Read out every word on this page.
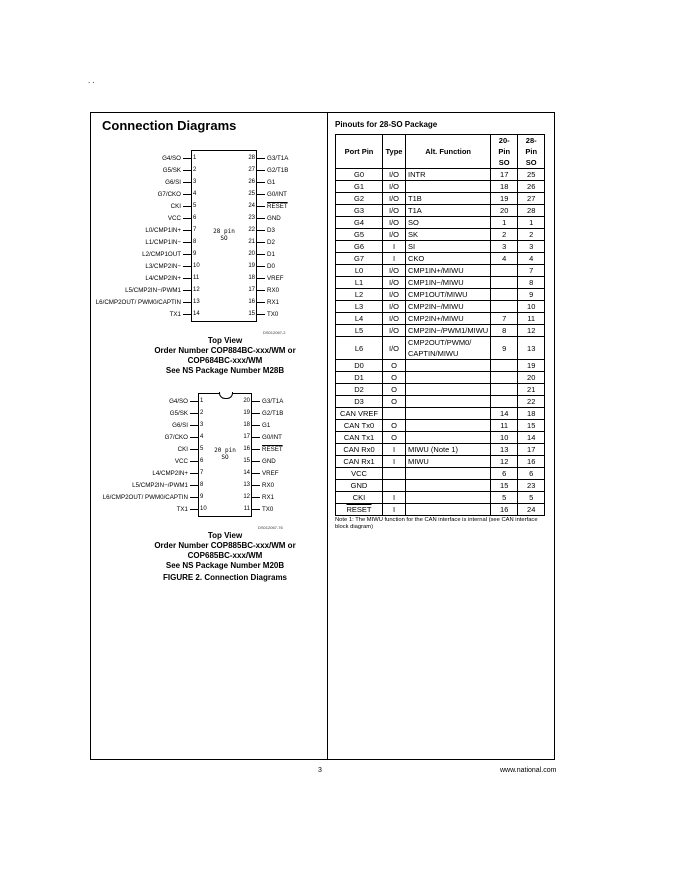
. .
Connection Diagrams	Pinouts for 28-SO Package
28 pin
SO
1
G4/SO	28 G3/T1A
2
G5/SK	27 G2/T1B
3
G6/SI	26 G1
4
G7/CKO	25 G0/INT
5
CKI	24 RESET
6
VCC	23 GND
7
L0/CMP1IN+	22 D3
8
L1/CMP1IN−	21 D2
9
L2/CMP1OUT	20 D1
10
L3/CMP2IN−	19 D0
11
L4/CMP2IN+	18 VREF
12
L5/CMP2IN−/PWM1	17 RX0
13
L6/CMP2OUT/ PWM0/CAPTIN	16 RX1
14
TX1	15 TX0
DS012067-2
Top View
Order Number COP884BC-xxx/WM or
COP684BC-xxx/WM
See NS Package Number M28B
20 pin
SO
1
G4/SO	20 G3/T1A
2
G5/SK	19 G2/T1B
3
G6/SI	18 G1
4
G7/CKO	17 G0/INT
5
CKI	16 RESET
6
VCC	15 GND
7
L4/CMP2IN+	14 VREF
8
L5/CMP2IN−/PWM1	13 RX0
9
L6/CMP2OUT/ PWM0/CAPTIN	12 RX1
10
TX1	11 TX0
DS012067-76
Top View
Order Number COP885BC-xxx/WM or
COP685BC-xxx/WM
See NS Package Number M20B
FIGURE 2. Connection Diagrams
Port Pin	Type	Alt. Function	20-Pin SO	28-Pin SO
G0	I/O	INTR	17	25
G1	I/O		18	26
G2	I/O	T1B	19	27
G3	I/O	T1A	20	28
G4	I/O	SO	1	1
G5	I/O	SK	2	2
G6	I	SI	3	3
G7	I	CKO	4	4
L0	I/O	CMP1IN+/MIWU		7
L1	I/O	CMP1IN−/MIWU		8
L2	I/O	CMP1OUT/MIWU		9
L3	I/O	CMP2IN−/MIWU		10
L4	I/O	CMP2IN+/MIWU	7	11
L5	I/O	CMP2IN−/PWM1/MIWU	8	12
L6	I/O	CMP2OUT/PWM0/ CAPTIN/MIWU	9	13
D0	O			19
D1	O			20
D2	O			21
D3	O			22
CAN VREF			14	18
CAN Tx0	O		11	15
CAN Tx1	O		10	14
CAN Rx0	I	MIWU (Note 1)	13	17
CAN Rx1	I	MIWU	12	16
VCC			6	6
GND			15	23
CKI	I		5	5
RESET	I		16	24
Note 1: The MIWU function for the CAN interface is internal (see CAN interface block diagram)
3	www.national.com
